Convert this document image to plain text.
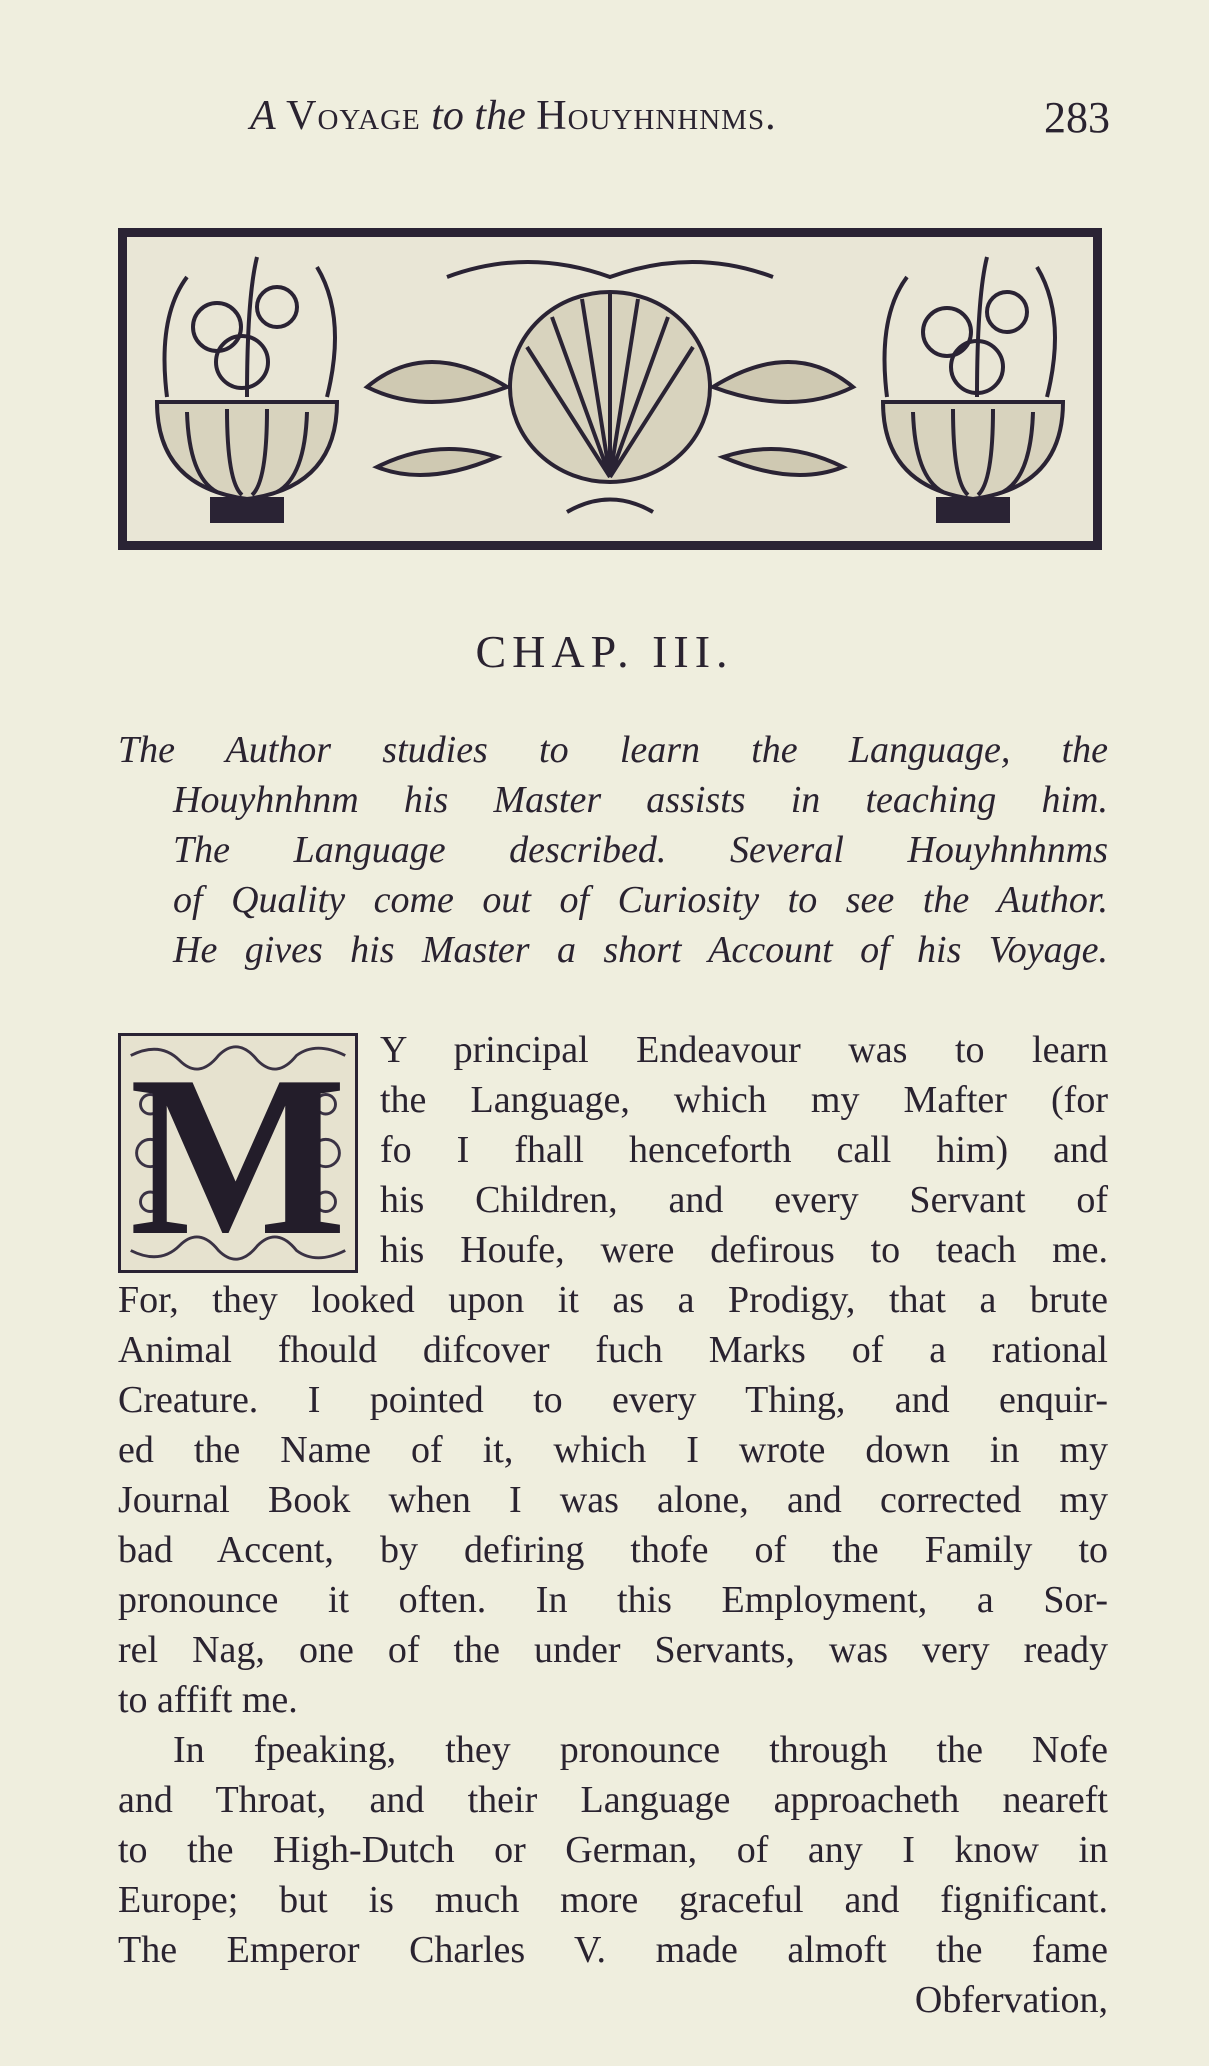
A Voyage to the Houyhnhnms.	283
CHAP. III.
The Author studies to learn the Language, the
Houyhnhnm his Master assists in teaching him.
The Language described. Several Houyhnhnms
of Quality come out of Curiosity to see the Author.
He gives his Master a short Account of his Voyage.
M Y principal Endeavour was to learn
the Language, which my Mafter (for
fo I fhall henceforth call him) and
his Children, and every Servant of
his Houfe, were defirous to teach me.
For, they looked upon it as a Prodigy, that a brute
Animal fhould difcover fuch Marks of a rational
Creature. I pointed to every Thing, and enquir-
ed the Name of it, which I wrote down in my
Journal Book when I was alone, and corrected my
bad Accent, by defiring thofe of the Family to
pronounce it often. In this Employment, a Sor-
rel Nag, one of the under Servants, was very ready
to affift me.
In fpeaking, they pronounce through the Nofe
and Throat, and their Language approacheth neareft
to the High-Dutch or German, of any I know in
Europe; but is much more graceful and fignificant.
The Emperor Charles V. made almoft the fame
Obfervation,
